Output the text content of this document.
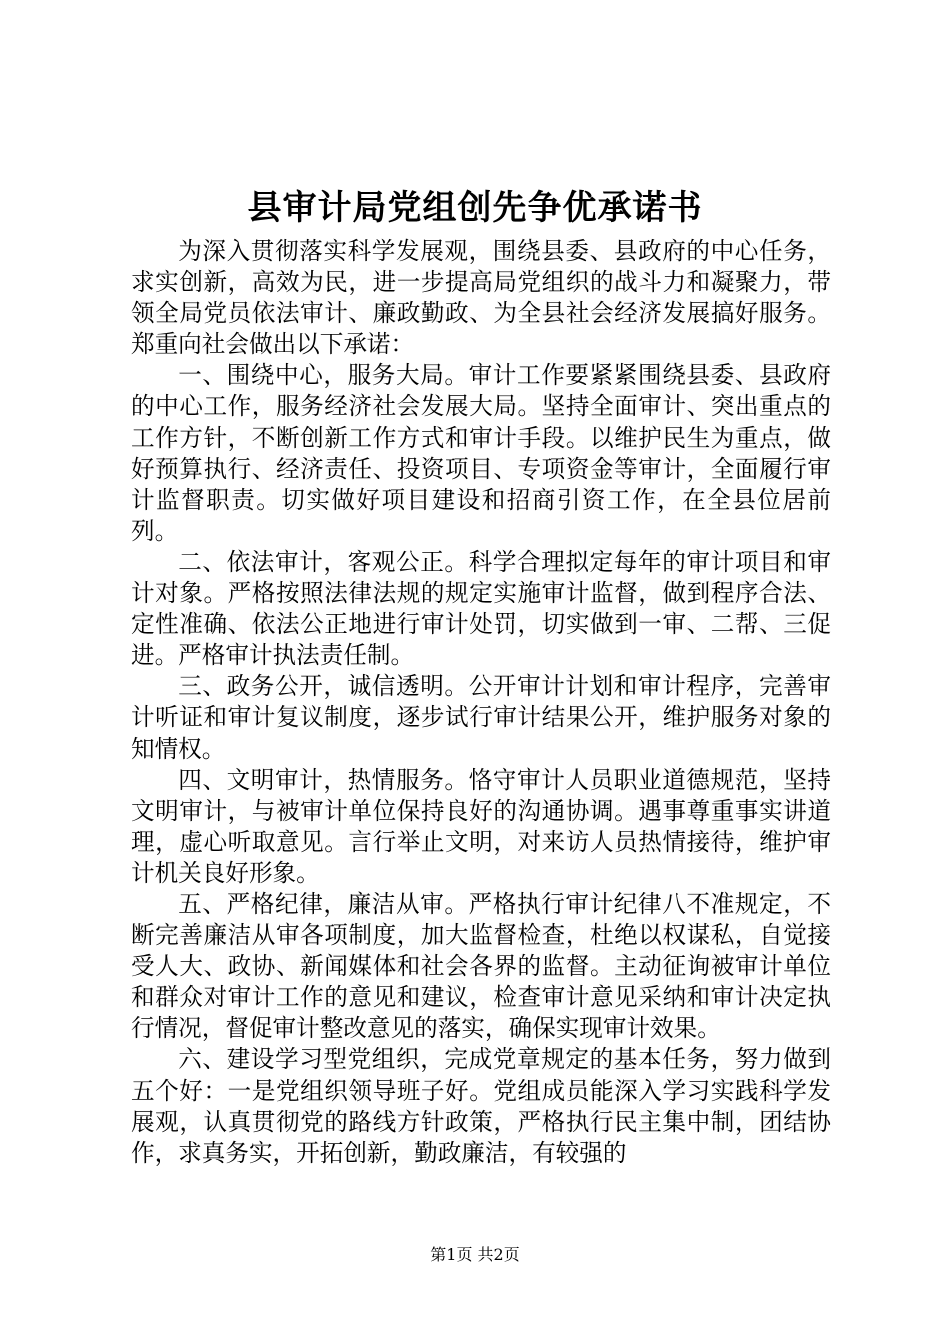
县审计局党组创先争优承诺书

为深入贯彻落实科学发展观，围绕县委、县政府的中心任务，求实创新，高效为民，进一步提高局党组织的战斗力和凝聚力，带领全局党员依法审计、廉政勤政、为全县社会经济发展搞好服务。郑重向社会做出以下承诺：

一、围绕中心，服务大局。审计工作要紧紧围绕县委、县政府的中心工作，服务经济社会发展大局。坚持全面审计、突出重点的工作方针，不断创新工作方式和审计手段。以维护民生为重点，做好预算执行、经济责任、投资项目、专项资金等审计，全面履行审计监督职责。切实做好项目建设和招商引资工作，在全县位居前列。

二、依法审计，客观公正。科学合理拟定每年的审计项目和审计对象。严格按照法律法规的规定实施审计监督，做到程序合法、定性准确、依法公正地进行审计处罚，切实做到一审、二帮、三促进。严格审计执法责任制。

三、政务公开，诚信透明。公开审计计划和审计程序，完善审计听证和审计复议制度，逐步试行审计结果公开，维护服务对象的知情权。

四、文明审计，热情服务。恪守审计人员职业道德规范，坚持文明审计，与被审计单位保持良好的沟通协调。遇事尊重事实讲道理，虚心听取意见。言行举止文明，对来访人员热情接待，维护审计机关良好形象。

五、严格纪律，廉洁从审。严格执行审计纪律八不准规定，不断完善廉洁从审各项制度，加大监督检查，杜绝以权谋私，自觉接受人大、政协、新闻媒体和社会各界的监督。主动征询被审计单位和群众对审计工作的意见和建议，检查审计意见采纳和审计决定执行情况，督促审计整改意见的落实，确保实现审计效果。

六、建设学习型党组织，完成党章规定的基本任务，努力做到五个好：一是党组织领导班子好。党组成员能深入学习实践科学发展观，认真贯彻党的路线方针政策，严格执行民主集中制，团结协作，求真务实，开拓创新，勤政廉洁，有较强的

第1页 共2页
